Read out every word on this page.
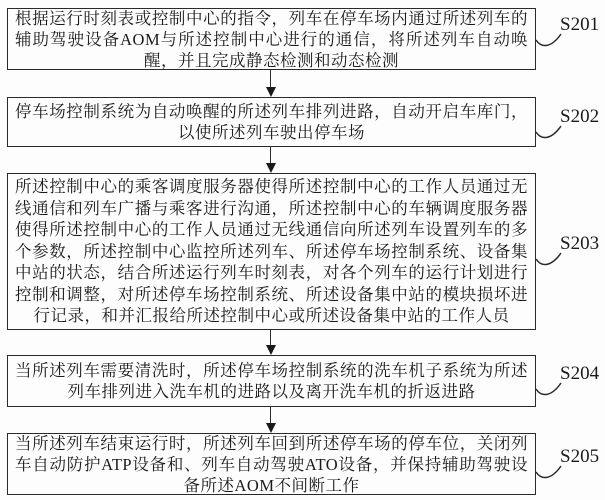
根据运行时刻表或控制中心的指令，列车在停车场内通过所述列车的辅助驾驶设备AOM与所述控制中心进行的通信，将所述列车自动唤醒，并且完成静态检测和动态检测
停车场控制系统为自动唤醒的所述列车排列进路，自动开启车库门，以使所述列车驶出停车场
所述控制中心的乘客调度服务器使得所述控制中心的工作人员通过无线通信和列车广播与乘客进行沟通，所述控制中心的车辆调度服务器使得所述控制中心的工作人员通过无线通信向所述列车设置列车的多个参数，所述控制中心监控所述列车、所述停车场控制系统、设备集中站的状态，结合所述运行列车时刻表，对各个列车的运行计划进行控制和调整，对所述停车场控制系统、所述设备集中站的模块损坏进行记录，和并汇报给所述控制中心或所述设备集中站的工作人员
当所述列车需要清洗时，所述停车场控制系统的洗车机子系统为所述列车排列进入洗车机的进路以及离开洗车机的折返进路
当所述列车结束运行时，所述列车回到所述停车场的停车位，关闭列车自动防护ATP设备和、列车自动驾驶ATO设备，并保持辅助驾驶设备所述AOM不间断工作
S201
S202
S203
S204
S205
